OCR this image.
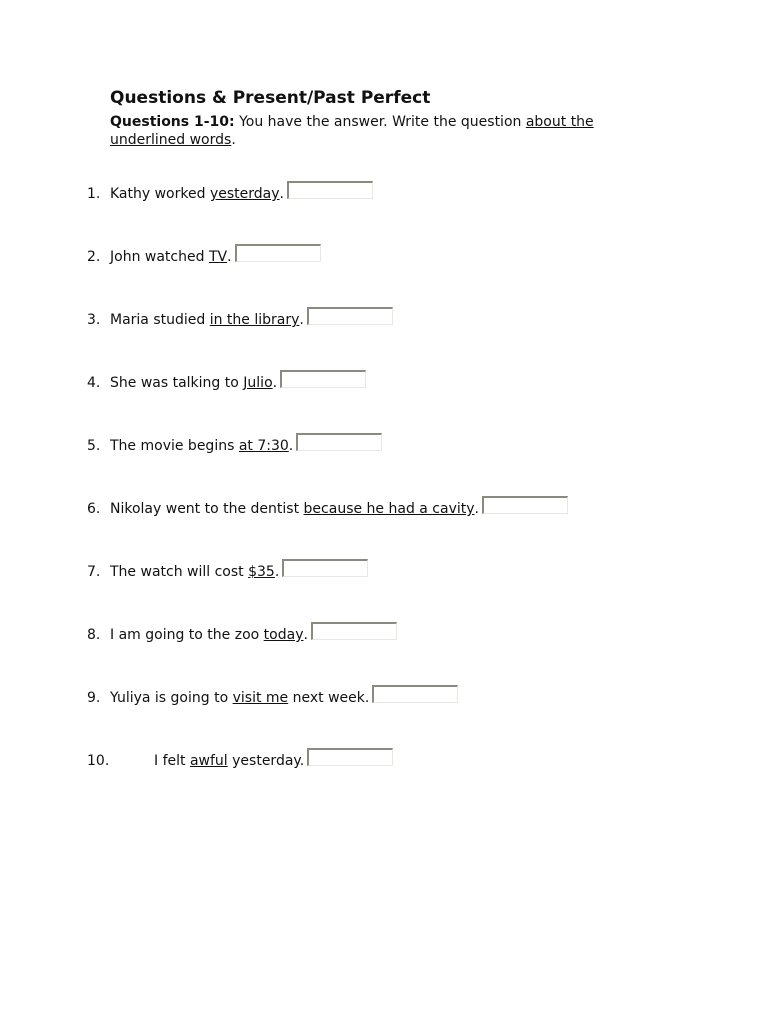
Questions & Present/Past Perfect
Questions 1-10: You have the answer. Write the question about the underlined words.
1. Kathy worked yesterday .
2. John watched TV .
3. Maria studied in the library .
4. She was talking to Julio .
5. The movie begins at 7:30 .
6. Nikolay went to the dentist because he had a cavity .
7. The watch will cost $35 .
8. I am going to the zoo today .
9. Yuliya is going to visit me next week.
10.	I felt awful yesterday.
